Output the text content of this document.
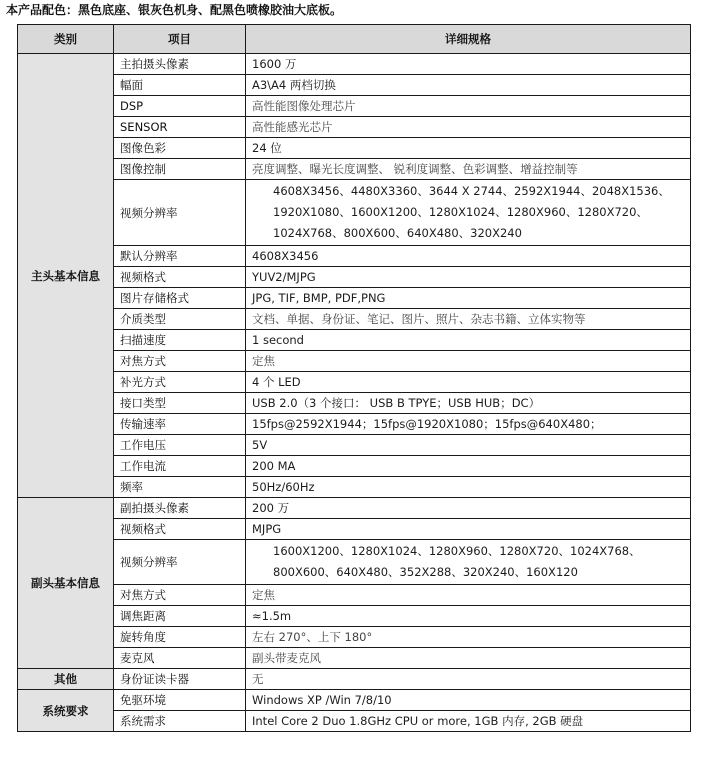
本产品配色：黑色底座、银灰色机身、配黑色喷橡胶油大底板。
类别	项目	详细规格
主头基本信息	主拍摄头像素	1600 万
	幅面	A3\A4 两档切换
	DSP	高性能图像处理芯片
	SENSOR	高性能感光芯片
	图像色彩	24 位
	图像控制	亮度调整、曝光长度调整、 锐利度调整、色彩调整、增益控制等
	视频分辨率	4608X3456、4480X3360、3644 X 2744、2592X1944、2048X1536、1920X1080、1600X1200、1280X1024、1280X960、1280X720、1024X768、800X600、640X480、320X240
	默认分辨率	4608X3456
	视频格式	YUV2/MJPG
	图片存储格式	JPG, TIF, BMP, PDF,PNG
	介质类型	文档、单据、身份证、笔记、图片、照片、杂志书籍、立体实物等
	扫描速度	1 second
	对焦方式	定焦
	补光方式	4 个 LED
	接口类型	USB 2.0（3 个接口： USB B TPYE；USB HUB；DC）
	传输速率	15fps@2592X1944；15fps@1920X1080；15fps@640X480；
	工作电压	5V
	工作电流	200 MA
	频率	50Hz/60Hz
副头基本信息	副拍摄头像素	200 万
	视频格式	MJPG
	视频分辨率	1600X1200、1280X1024、1280X960、1280X720、1024X768、800X600、640X480、352X288、320X240、160X120
	对焦方式	定焦
	调焦距离	≈1.5m
	旋转角度	左右 270°、上下 180°
	麦克风	副头带麦克风
其他	身份证读卡器	无
系统要求	免驱环境	Windows XP /Win 7/8/10
	系统需求	Intel Core 2 Duo 1.8GHz CPU or more, 1GB 内存, 2GB 硬盘
